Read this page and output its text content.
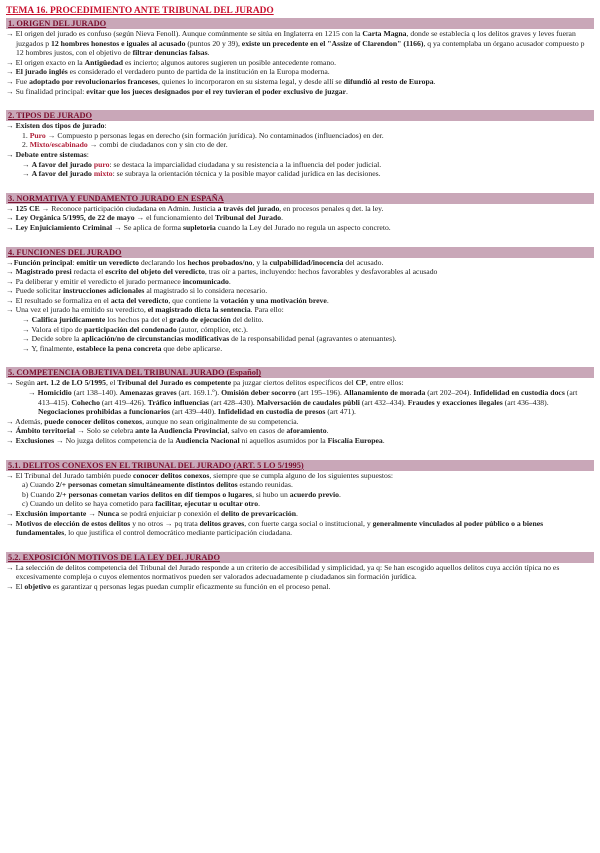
TEMA 16. PROCEDIMIENTO ANTE TRIBUNAL DEL JURADO
1. ORIGEN DEL JURADO

→ El origen del jurado es confuso (según Nieva Fenoll). Aunque comúnmente se sitúa en Inglaterra en 1215 con la Carta Magna, donde se establecía q los delitos graves y leves fueran juzgados p 12 hombres honestos e iguales al acusado (puntos 20 y 39), existe un precedente en el "Assize of Clarendon" (1166), q ya contemplaba un órgano acusador compuesto p 12 hombres justos, con el objetivo de filtrar denuncias falsas.

→ El origen exacto en la Antigüedad es incierto; algunos autores sugieren un posible antecedente romano.

→ El jurado inglés es considerado el verdadero punto de partida de la institución en la Europa moderna.

→ Fue adoptado por revolucionarios franceses, quienes lo incorporaron en su sistema legal, y desde allí se difundió al resto de Europa.

→ Su finalidad principal: evitar que los jueces designados por el rey tuvieran el poder exclusivo de juzgar.

2. TIPOS DE JURADO

→ Existen dos tipos de jurado:

1. Puro → Compuesto p personas legas en derecho (sin formación jurídica). No contaminados (influenciados) en der.

2. Mixto/escabinado → combi de ciudadanos con y sin cto de der.

→ Debate entre sistemas:

→ A favor del jurado puro: se destaca la imparcialidad ciudadana y su resistencia a la influencia del poder judicial.

→ A favor del jurado mixto: se subraya la orientación técnica y la posible mayor calidad jurídica en las decisiones.

3. NORMATIVA Y FUNDAMENTO JURADO EN ESPAÑA

→ 125 CE → Reconoce participación ciudadana en Admin. Justicia a través del jurado, en procesos penales q det. la ley.

→ Ley Orgánica 5/1995, de 22 de mayo → el funcionamiento del Tribunal del Jurado.

→ Ley Enjuiciamiento Criminal → Se aplica de forma supletoria cuando la Ley del Jurado no regula un aspecto concreto.

4. FUNCIONES DEL JURADO

→Función principal: emitir un veredicto declarando los hechos probados/no, y la culpabilidad/inocencia del acusado.

→ Magistrado presi redacta el escrito del objeto del veredicto, tras oír a partes, incluyendo: hechos favorables y desfavorables al acusado

→ Pa deliberar y emitir el veredicto el jurado permanece incomunicado.

→ Puede solicitar instrucciones adicionales al magistrado si lo considera necesario.

→ El resultado se formaliza en el acta del veredicto, que contiene la votación y una motivación breve.

→ Una vez el jurado ha emitido su veredicto, el magistrado dicta la sentencia. Para ello:

→ Califica jurídicamente los hechos pa det el grado de ejecución del delito.

→ Valora el tipo de participación del condenado (autor, cómplice, etc.).

→ Decide sobre la aplicación/no de circunstancias modificativas de la responsabilidad penal (agravantes o atenuantes).

→ Y, finalmente, establece la pena concreta que debe aplicarse.

5. COMPETENCIA OBJETIVA DEL TRIBUNAL JURADO (Español)

→ Según art. 1.2 de LO 5/1995, el Tribunal del Jurado es competente pa juzgar ciertos delitos específicos del CP, entre ellos:

→ Homicidio (art 138–140). Amenazas graves (art. 169.1.º). Omisión deber socorro (art 195–196). Allanamiento de morada (art 202–204). Infidelidad en custodia docs (art 413–415). Cohecho (art 419–426). Tráfico influencias (art 428–430). Malversación de caudales públi (art 432–434). Fraudes y exacciones ilegales (art 436–438). Negociaciones prohibidas a funcionarios (art 439–440). Infidelidad en custodia de presos (art 471).

→ Además, puede conocer delitos conexos, aunque no sean originalmente de su competencia.

→ Ámbito territorial → Solo se celebra ante la Audiencia Provincial, salvo en casos de aforamiento.

→ Exclusiones → No juzga delitos competencia de la Audiencia Nacional ni aquellos asumidos por la Fiscalía Europea.

5.1. DELITOS CONEXOS EN EL TRIBUNAL DEL JURADO (ART. 5 LO 5/1995)

→ El Tribunal del Jurado también puede conocer delitos conexos, siempre que se cumpla alguno de los siguientes supuestos:

a) Cuando 2/+ personas cometan simultáneamente distintos delitos estando reunidas.

b) Cuando 2/+ personas cometan varios delitos en dif tiempos o lugares, si hubo un acuerdo previo.

c) Cuando un delito se haya cometido para facilitar, ejecutar u ocultar otro.

→ Exclusión importante → Nunca se podrá enjuiciar p conexión el delito de prevaricación.

→ Motivos de elección de estos delitos y no otros → pq trata delitos graves, con fuerte carga social o institucional, y generalmente vinculados al poder público o a bienes fundamentales, lo que justifica el control democrático mediante participación ciudadana.

5.2. EXPOSICIÓN MOTIVOS DE LA LEY DEL JURADO

→ La selección de delitos competencia del Tribunal del Jurado responde a un criterio de accesibilidad y simplicidad, ya q: Se han escogido aquellos delitos cuya acción típica no es excesivamente compleja o cuyos elementos normativos pueden ser valorados adecuadamente p ciudadanos sin formación jurídica.

→ El objetivo es garantizar q personas legas puedan cumplir eficazmente su función en el proceso penal.
